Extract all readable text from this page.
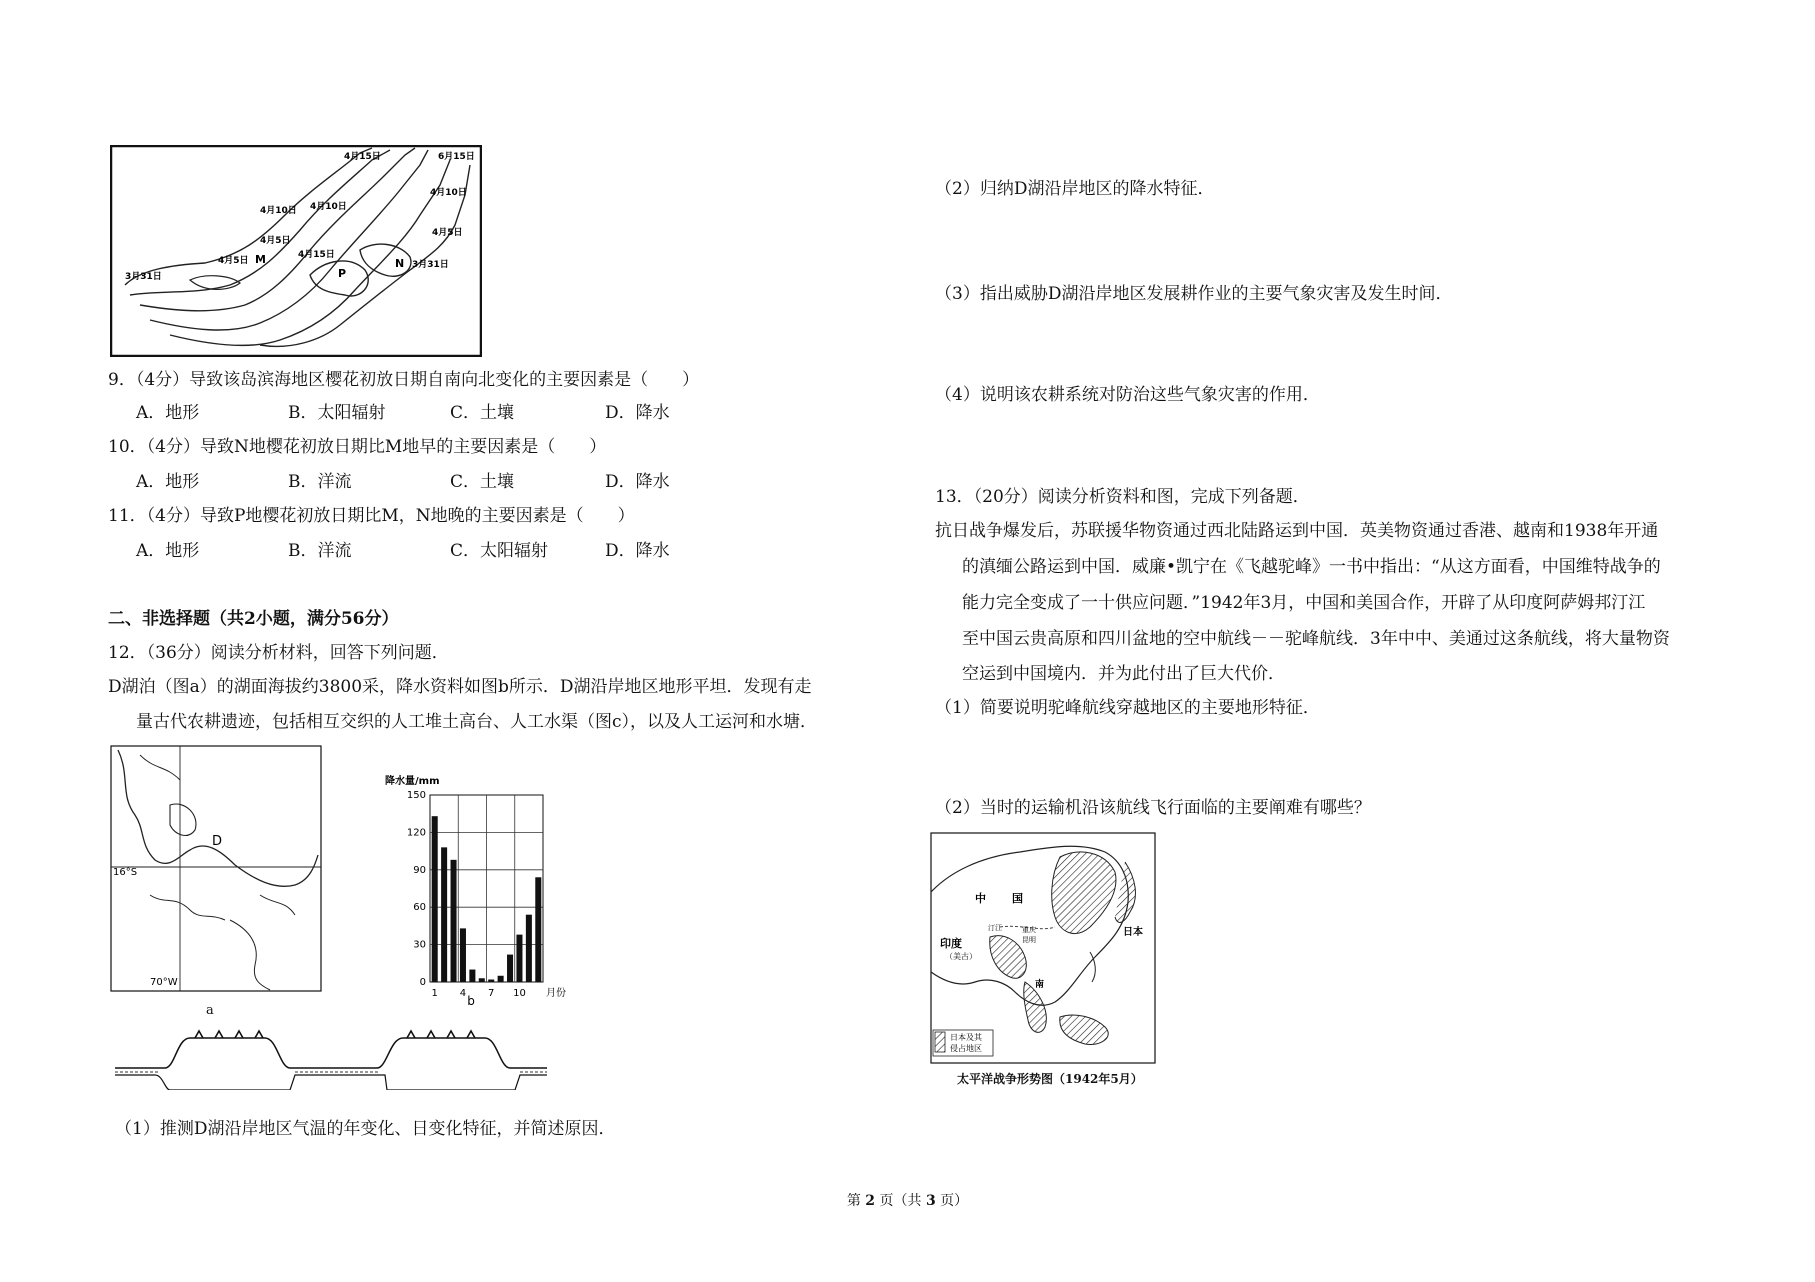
4月15日	6月15日
4月10日
4月10日 4月10日
4月5日
4月5日
M	4月15日
P
N 3月31日
3月31日
4月5日
9．（4分）导致该岛滨海地区樱花初放日期自南向北变化的主要因素是（　　）
A．地形	B．太阳辐射	C．土壤	D．降水
10．（4分）导致N地樱花初放日期比M地早的主要因素是（　　）
A．地形	B．洋流	C．土壤	D．降水
11．（4分）导致P地樱花初放日期比M，N地晚的主要因素是（　　）
A．地形	B．洋流	C．太阳辐射	D．降水
二、非选择题（共2小题，满分56分）
12．（36分）阅读分析材料，回答下列问题．
D湖泊（图a）的湖面海拔约3800采，降水资料如图b所示．D湖沿岸地区地形平坦．发现有走
量古代农耕遗迹，包括相互交织的人工堆土高台、人工水渠（图c），以及人工运河和水塘．
D
16°S
70°W
a
0
30
60
90
120
150
1 4 7 10
降水量/mm
月份
b
（1）推测D湖沿岸地区气温的年变化、日变化特征，并简述原因．
（2）归纳D湖沿岸地区的降水特征．
（3）指出威胁D湖沿岸地区发展耕作业的主要气象灾害及发生时间．
（4）说明该农耕系统对防治这些气象灾害的作用．
13．（20分）阅读分析资料和图，完成下列备题．
抗日战争爆发后，苏联援华物资通过西北陆路运到中国．英美物资通过香港、越南和1938年开通
的滇缅公路运到中国．威廉•凯宁在《飞越驼峰》一书中指出：“从这方面看，中国维特战争的
能力完全变成了一十供应问题．”1942年3月，中国和美国合作，开辟了从印度阿萨姆邦汀江
至中国云贵高原和四川盆地的空中航线－－驼峰航线．3年中中、美通过这条航线，将大量物资
空运到中国境内．并为此付出了巨大代价．
（1）简要说明驼峰航线穿越地区的主要地形特征．
（2）当时的运输机沿该航线飞行面临的主要阐难有哪些？
中 国
日本
印度
（美古）
汀江	重庆
昆明
南
日本及其
侵占地区
太平洋战争形势图（1942年5月）
第 2 页（共 3 页）
